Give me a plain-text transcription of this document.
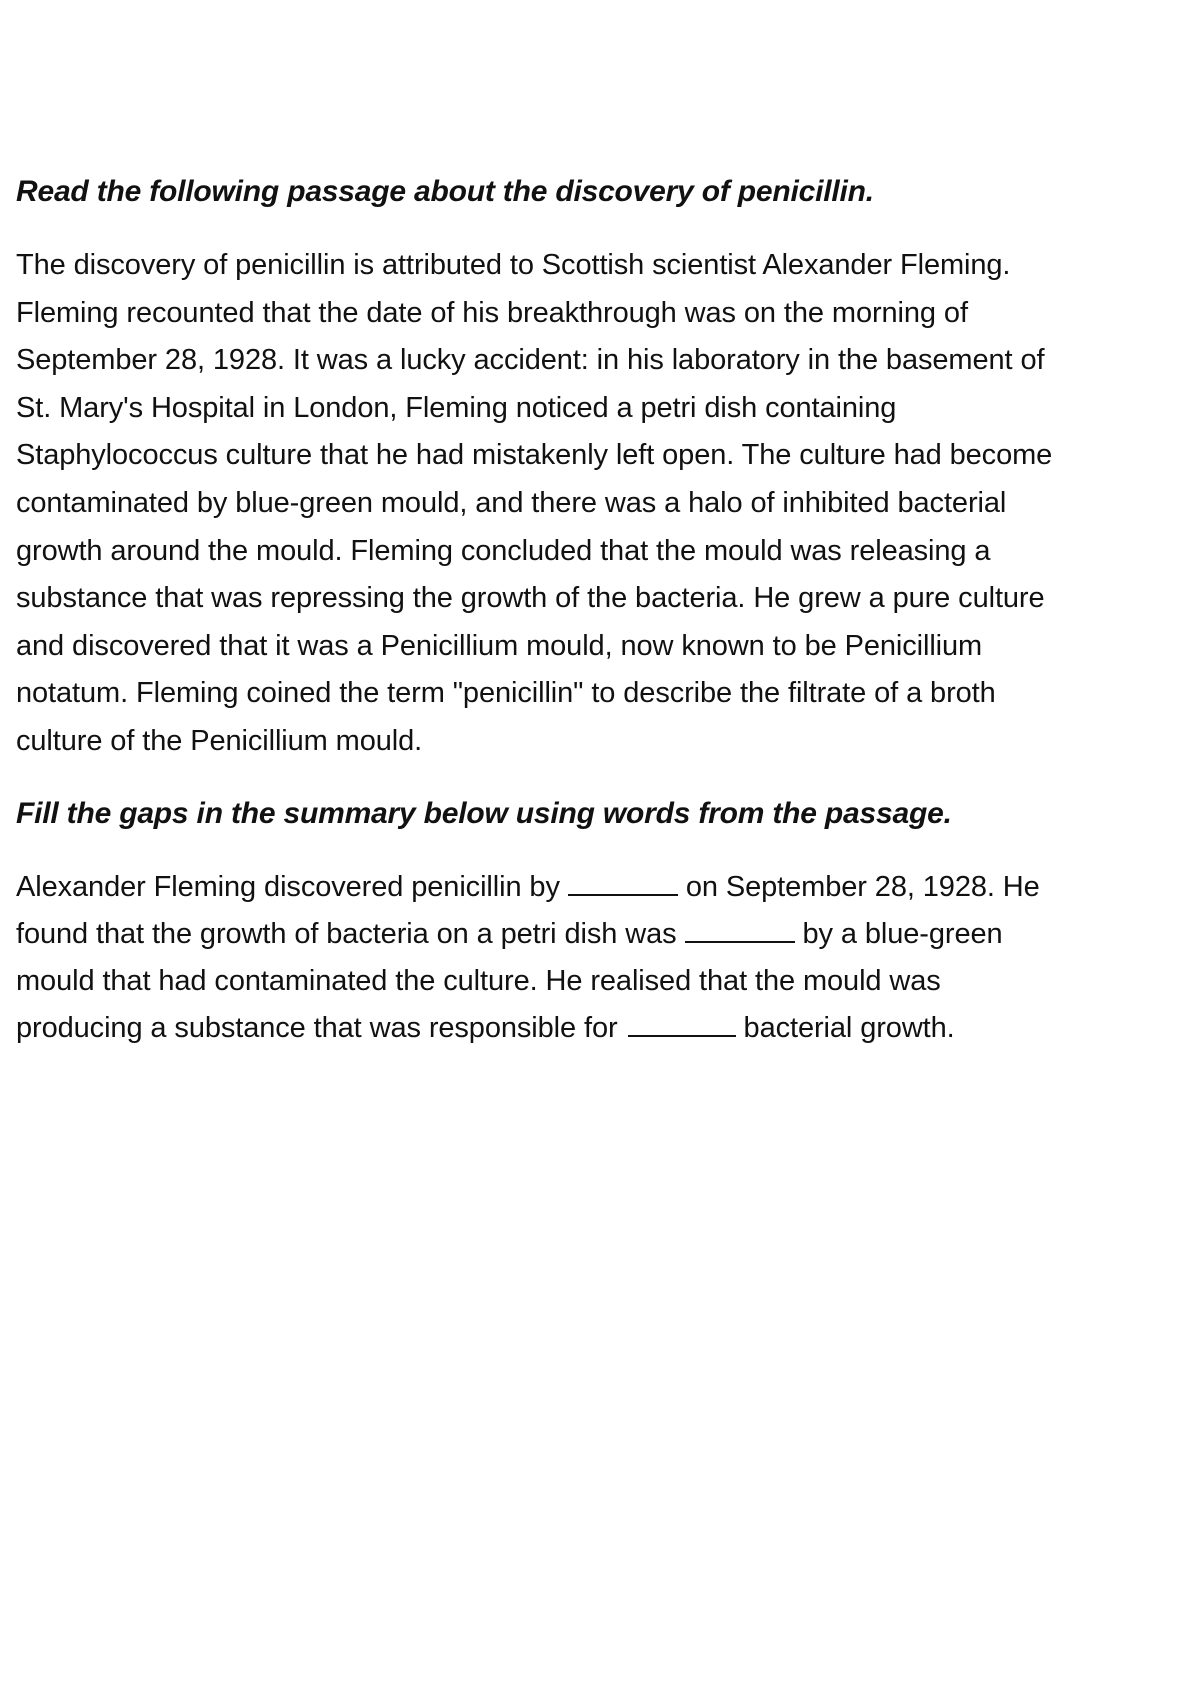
Read the following passage about the discovery of penicillin.

The discovery of penicillin is attributed to Scottish scientist Alexander Fleming.
Fleming recounted that the date of his breakthrough was on the morning of
September 28, 1928. It was a lucky accident: in his laboratory in the basement of
St. Mary's Hospital in London, Fleming noticed a petri dish containing
Staphylococcus culture that he had mistakenly left open. The culture had become
contaminated by blue-green mould, and there was a halo of inhibited bacterial
growth around the mould. Fleming concluded that the mould was releasing a
substance that was repressing the growth of the bacteria. He grew a pure culture
and discovered that it was a Penicillium mould, now known to be Penicillium
notatum. Fleming coined the term "penicillin" to describe the filtrate of a broth
culture of the Penicillium mould.

Fill the gaps in the summary below using words from the passage.

Alexander Fleming discovered penicillin by	on September 28, 1928. He
found that the growth of bacteria on a petri dish was	by a blue-green
mould that had contaminated the culture. He realised that the mould was
producing a substance that was responsible for	bacterial growth.
